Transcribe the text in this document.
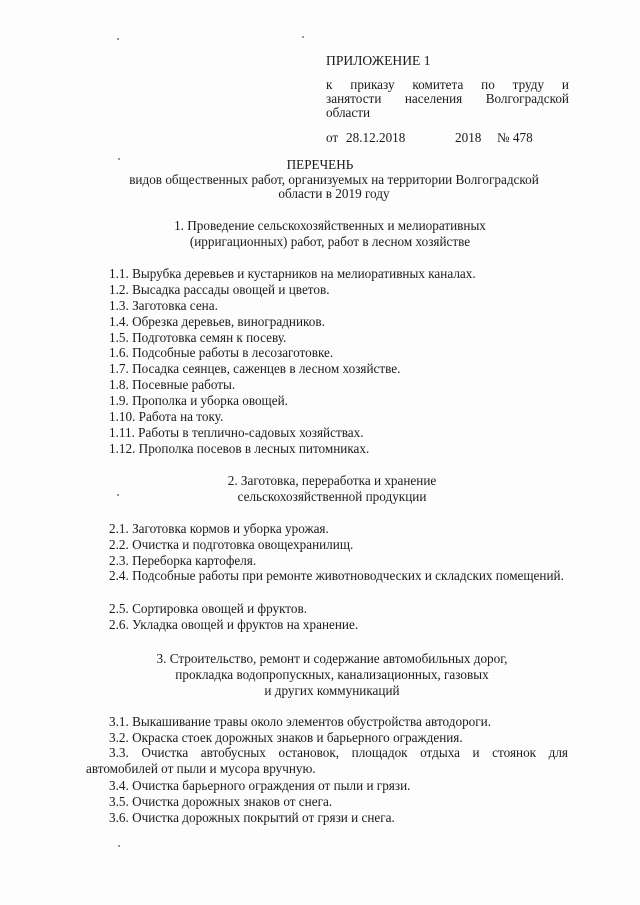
ПРИЛОЖЕНИЕ 1
к приказу комитета по труду и
занятости населения Волгоградской
области
от 28.12.2018	2018 № 478
ПЕРЕЧЕНЬ
видов общественных работ, организуемых на территории Волгоградской
области в 2019 году
1. Проведение сельскохозяйственных и мелиоративных
(ирригационных) работ, работ в лесном хозяйстве
1.1. Вырубка деревьев и кустарников на мелиоративных каналах.
1.2. Высадка рассады овощей и цветов.
1.3. Заготовка сена.
1.4. Обрезка деревьев, виноградников.
1.5. Подготовка семян к посеву.
1.6. Подсобные работы в лесозаготовке.
1.7. Посадка сеянцев, саженцев в лесном хозяйстве.
1.8. Посевные работы.
1.9. Прополка и уборка овощей.
1.10. Работа на току.
1.11. Работы в теплично-садовых хозяйствах.
1.12. Прополка посевов в лесных питомниках.
2. Заготовка, переработка и хранение
сельскохозяйственной продукции
2.1. Заготовка кормов и уборка урожая.
2.2. Очистка и подготовка овощехранилищ.
2.3. Переборка картофеля.
2.4. Подсобные работы при ремонте животноводческих и складских помещений.
2.5. Сортировка овощей и фруктов.
2.6. Укладка овощей и фруктов на хранение.
3. Строительство, ремонт и содержание автомобильных дорог,
прокладка водопропускных, канализационных, газовых
и других коммуникаций
3.1. Выкашивание травы около элементов обустройства автодороги.
3.2. Окраска стоек дорожных знаков и барьерного ограждения.
3.3. Очистка автобусных остановок, площадок отдыха и стоянок для автомобилей от пыли и мусора вручную.
3.4. Очистка барьерного ограждения от пыли и грязи.
3.5. Очистка дорожных знаков от снега.
3.6. Очистка дорожных покрытий от грязи и снега.
